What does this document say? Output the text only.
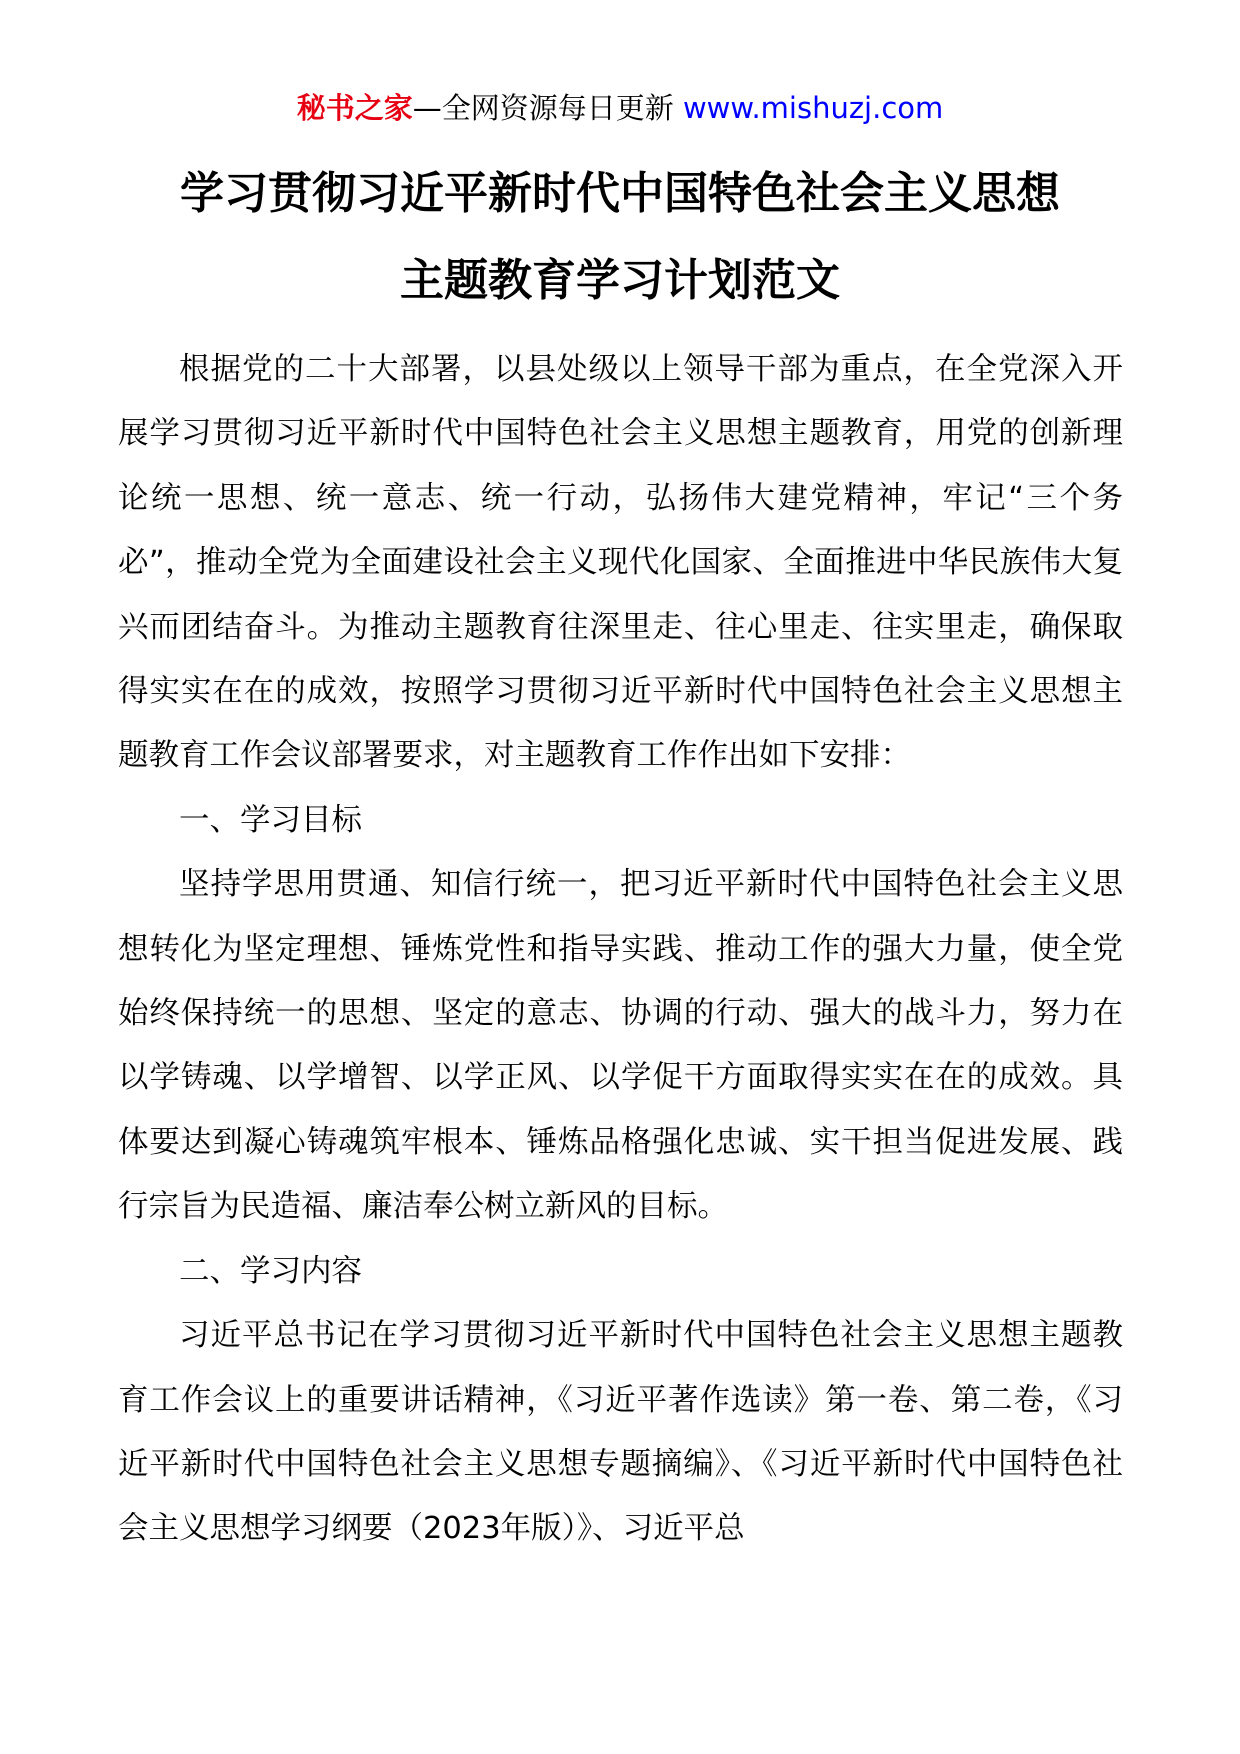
秘书之家—全网资源每日更新 www.mishuzj.com
学习贯彻习近平新时代中国特色社会主义思想
主题教育学习计划范文

根据党的二十大部署，以县处级以上领导干部为重点，在全党深入开展学习贯彻习近平新时代中国特色社会主义思想主题教育，用党的创新理论统一思想、统一意志、统一行动，弘扬伟大建党精神，牢记“三个务必”，推动全党为全面建设社会主义现代化国家、全面推进中华民族伟大复兴而团结奋斗。为推动主题教育往深里走、往心里走、往实里走，确保取得实实在在的成效，按照学习贯彻习近平新时代中国特色社会主义思想主题教育工作会议部署要求，对主题教育工作作出如下安排：

一、学习目标

坚持学思用贯通、知信行统一，把习近平新时代中国特色社会主义思想转化为坚定理想、锤炼党性和指导实践、推动工作的强大力量，使全党始终保持统一的思想、坚定的意志、协调的行动、强大的战斗力，努力在以学铸魂、以学增智、以学正风、以学促干方面取得实实在在的成效。具体要达到凝心铸魂筑牢根本、锤炼品格强化忠诚、实干担当促进发展、践行宗旨为民造福、廉洁奉公树立新风的目标。

二、学习内容

习近平总书记在学习贯彻习近平新时代中国特色社会主义思想主题教育工作会议上的重要讲话精神，《习近平著作选读》第一卷、第二卷，《习近平新时代中国特色社会主义思想专题摘编》、《习近平新时代中国特色社会主义思想学习纲要（2023年版）》、习近平总
